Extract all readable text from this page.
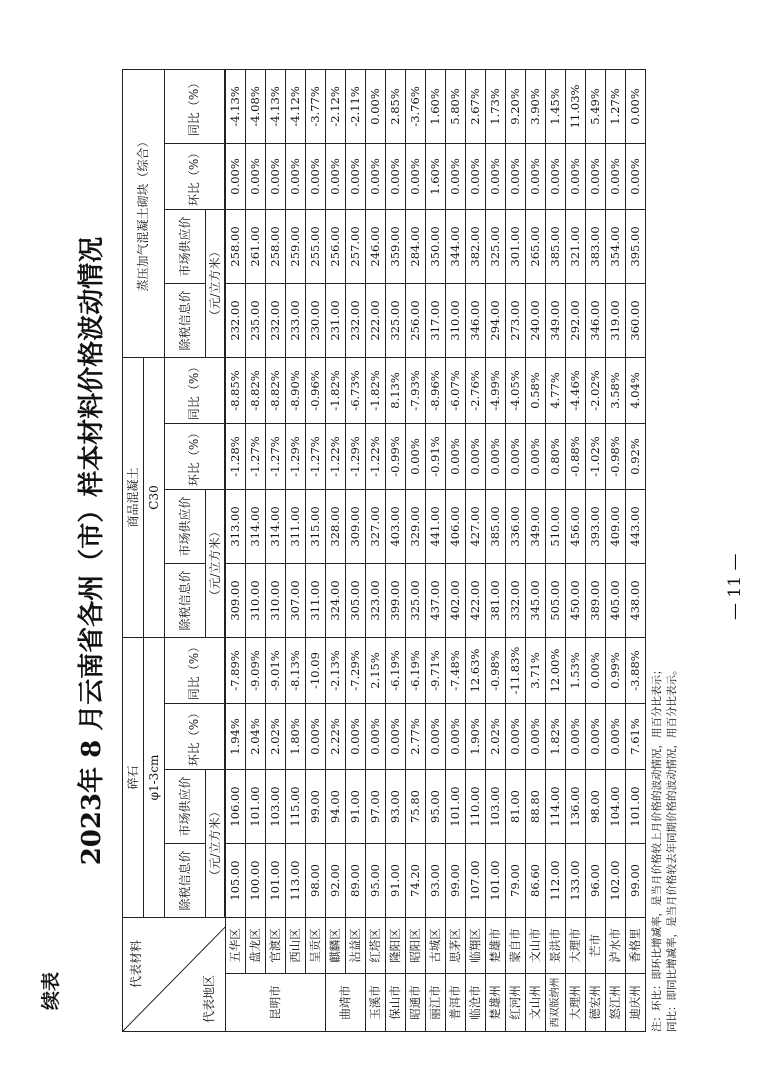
续表
— 11 —
2023年 8 月云南省各州（市）样本材料价格波动情况
代表材料
代表地区		碎石				商品混凝土				蒸压加气混凝土砌块（综合）			
		φ1-3cm				C30							
		除税信息价	市场供应价	环比（%）	同比（%）	除税信息价	市场供应价	环比（%）	同比（%）	除税信息价	市场供应价	环比（%）	同比（%）
		（元/立方米）				（元/立方米）				（元/立方米）			

昆明市	五华区	105.00	106.00	1.94%	-7.89%	309.00	313.00	-1.28%	-8.85%	232.00	258.00	0.00%	-4.13%
	盘龙区	100.00	101.00	2.04%	-9.09%	310.00	314.00	-1.27%	-8.82%	235.00	261.00	0.00%	-4.08%
	官渡区	101.00	103.00	2.02%	-9.01%	310.00	314.00	-1.27%	-8.82%	232.00	258.00	0.00%	-4.13%
	西山区	113.00	115.00	1.80%	-8.13%	307.00	311.00	-1.29%	-8.90%	233.00	259.00	0.00%	-4.12%
	呈贡区	98.00	99.00	0.00%	-10.09	311.00	315.00	-1.27%	-0.96%	230.00	255.00	0.00%	-3.77%
曲靖市	麒麟区	92.00	94.00	2.22%	-2.13%	324.00	328.00	-1.22%	-1.82%	231.00	256.00	0.00%	-2.12%
	沾益区	89.00	91.00	0.00%	-7.29%	305.00	309.00	-1.29%	-6.73%	232.00	257.00	0.00%	-2.11%
玉溪市	红塔区	95.00	97.00	0.00%	2.15%	323.00	327.00	-1.22%	-1.82%	222.00	246.00	0.00%	0.00%
保山市	隆阳区	91.00	93.00	0.00%	-6.19%	399.00	403.00	-0.99%	8.13%	325.00	359.00	0.00%	2.85%
昭通市	昭阳区	74.20	75.80	2.77%	-6.19%	325.00	329.00	0.00%	-7.93%	256.00	284.00	0.00%	-3.76%
丽江市	古城区	93.00	95.00	0.00%	-9.71%	437.00	441.00	-0.91%	-8.96%	317.00	350.00	1.60%	1.60%
普洱市	思茅区	99.00	101.00	0.00%	-7.48%	402.00	406.00	0.00%	-6.07%	310.00	344.00	0.00%	5.80%
临沧市	临翔区	107.00	110.00	1.90%	12.63%	422.00	427.00	0.00%	-2.76%	346.00	382.00	0.00%	2.67%
楚雄州	楚雄市	101.00	103.00	2.02%	-0.98%	381.00	385.00	0.00%	-4.99%	294.00	325.00	0.00%	1.73%
红河州	蒙自市	79.00	81.00	0.00%	-11.83%	332.00	336.00	0.00%	-4.05%	273.00	301.00	0.00%	9.20%
文山州	文山市	86.60	88.80	0.00%	3.71%	345.00	349.00	0.00%	0.58%	240.00	265.00	0.00%	3.90%
西双版纳州	景洪市	112.00	114.00	1.82%	12.00%	505.00	510.00	0.80%	4.77%	349.00	385.00	0.00%	1.45%
大理州	大理市	133.00	136.00	0.00%	1.53%	450.00	456.00	-0.88%	-4.46%	292.00	321.00	0.00%	11.03%
德宏州	芒市	96.00	98.00	0.00%	0.00%	389.00	393.00	-1.02%	-2.02%	346.00	383.00	0.00%	5.49%
怒江州	泸水市	102.00	104.00	0.00%	0.99%	405.00	409.00	-0.98%	3.58%	319.00	354.00	0.00%	1.27%
迪庆州	香格里	99.00	101.00	7.61%	-3.88%	438.00	443.00	0.92%	4.04%	360.00	395.00	0.00%	0.00%
注：环比：即环比增减率，是当月价格较上月价格的波动情况，用百分比表示； 同比：即同比增减率，是当月价格较去年同期价格的波动情况，用百分比表示。
